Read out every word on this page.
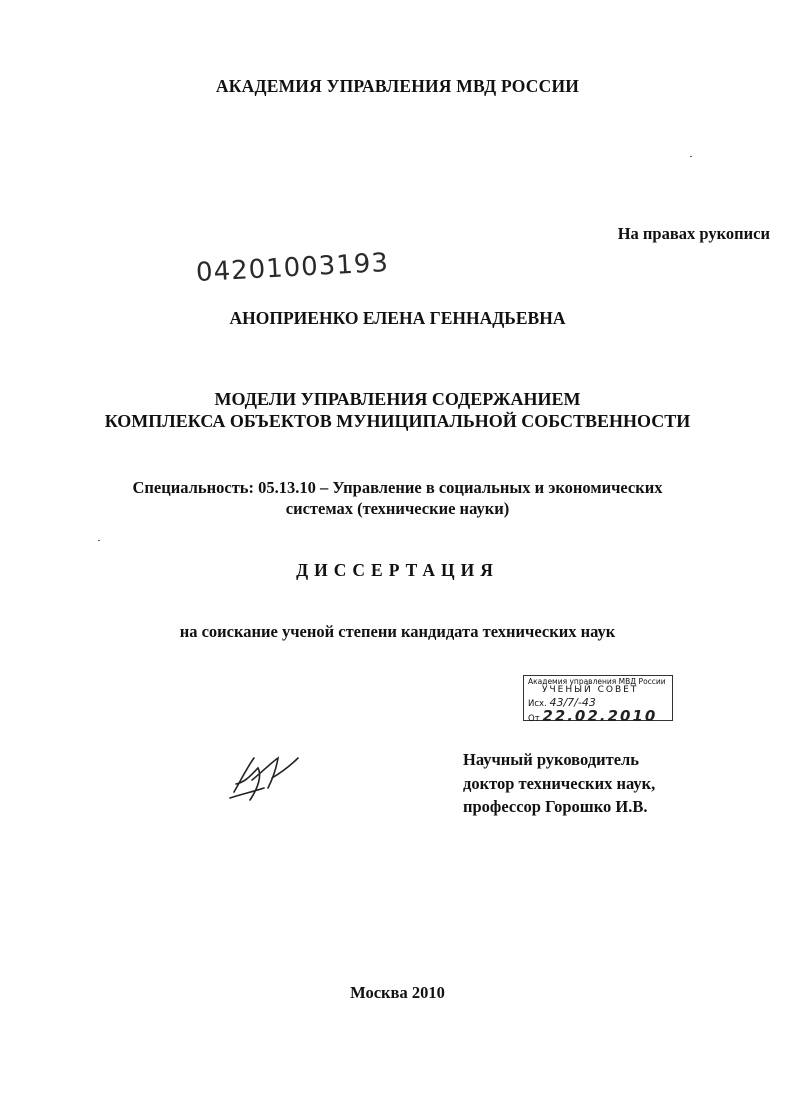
АКАДЕМИЯ УПРАВЛЕНИЯ МВД РОССИИ
На правах рукописи
04201003193
АНОПРИЕНКО ЕЛЕНА ГЕННАДЬЕВНА
МОДЕЛИ УПРАВЛЕНИЯ СОДЕРЖАНИЕМ
КОМПЛЕКСА ОБЪЕКТОВ МУНИЦИПАЛЬНОЙ СОБСТВЕННОСТИ
Специальность: 05.13.10 – Управление в социальных и экономических
системах (технические науки)
ДИССЕРТАЦИЯ
на соискание ученой степени кандидата технических наук
Академия управления МВД России
УЧЕНЫЙ СОВЕТ
Исх. 43/7/-43
От 22.02.2010
Научный руководитель
доктор технических наук,
профессор Горошко И.В.
Москва 2010
